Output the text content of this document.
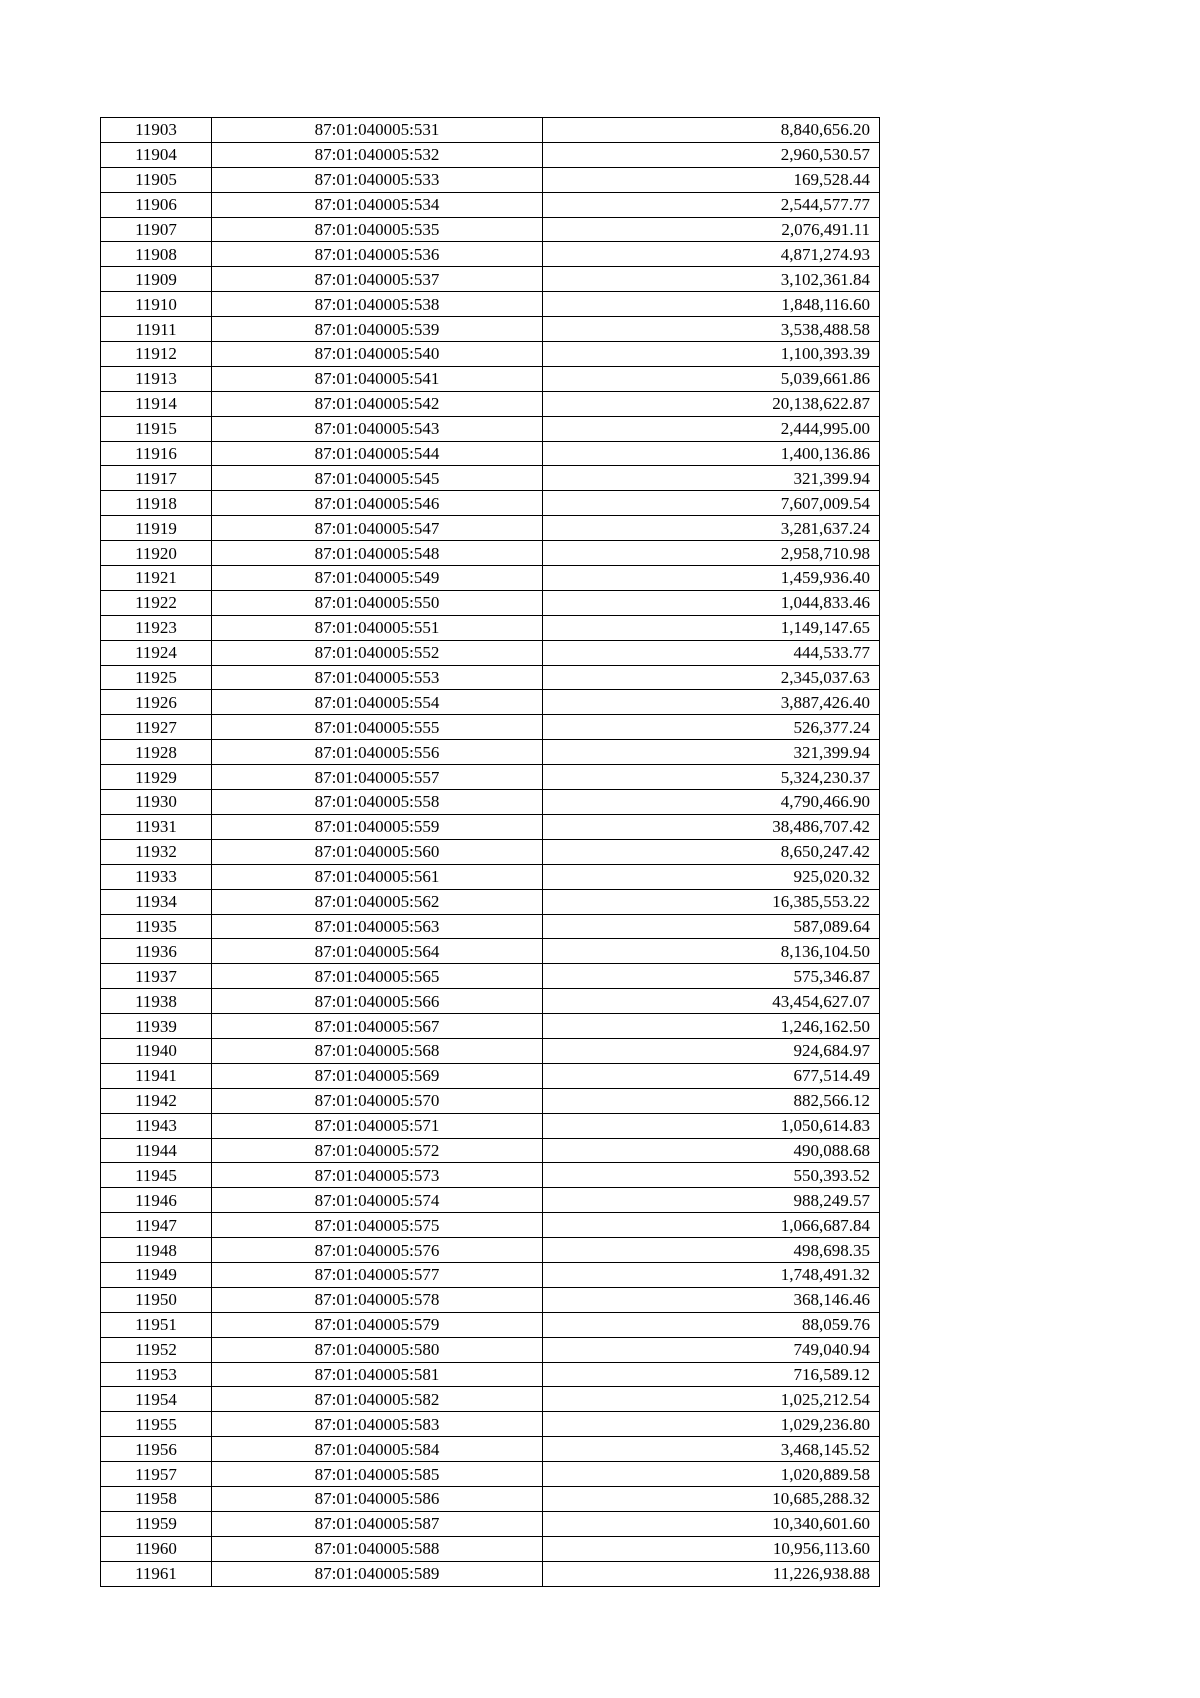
11903	87:01:040005:531	8,840,656.20
11904	87:01:040005:532	2,960,530.57
11905	87:01:040005:533	169,528.44
11906	87:01:040005:534	2,544,577.77
11907	87:01:040005:535	2,076,491.11
11908	87:01:040005:536	4,871,274.93
11909	87:01:040005:537	3,102,361.84
11910	87:01:040005:538	1,848,116.60
11911	87:01:040005:539	3,538,488.58
11912	87:01:040005:540	1,100,393.39
11913	87:01:040005:541	5,039,661.86
11914	87:01:040005:542	20,138,622.87
11915	87:01:040005:543	2,444,995.00
11916	87:01:040005:544	1,400,136.86
11917	87:01:040005:545	321,399.94
11918	87:01:040005:546	7,607,009.54
11919	87:01:040005:547	3,281,637.24
11920	87:01:040005:548	2,958,710.98
11921	87:01:040005:549	1,459,936.40
11922	87:01:040005:550	1,044,833.46
11923	87:01:040005:551	1,149,147.65
11924	87:01:040005:552	444,533.77
11925	87:01:040005:553	2,345,037.63
11926	87:01:040005:554	3,887,426.40
11927	87:01:040005:555	526,377.24
11928	87:01:040005:556	321,399.94
11929	87:01:040005:557	5,324,230.37
11930	87:01:040005:558	4,790,466.90
11931	87:01:040005:559	38,486,707.42
11932	87:01:040005:560	8,650,247.42
11933	87:01:040005:561	925,020.32
11934	87:01:040005:562	16,385,553.22
11935	87:01:040005:563	587,089.64
11936	87:01:040005:564	8,136,104.50
11937	87:01:040005:565	575,346.87
11938	87:01:040005:566	43,454,627.07
11939	87:01:040005:567	1,246,162.50
11940	87:01:040005:568	924,684.97
11941	87:01:040005:569	677,514.49
11942	87:01:040005:570	882,566.12
11943	87:01:040005:571	1,050,614.83
11944	87:01:040005:572	490,088.68
11945	87:01:040005:573	550,393.52
11946	87:01:040005:574	988,249.57
11947	87:01:040005:575	1,066,687.84
11948	87:01:040005:576	498,698.35
11949	87:01:040005:577	1,748,491.32
11950	87:01:040005:578	368,146.46
11951	87:01:040005:579	88,059.76
11952	87:01:040005:580	749,040.94
11953	87:01:040005:581	716,589.12
11954	87:01:040005:582	1,025,212.54
11955	87:01:040005:583	1,029,236.80
11956	87:01:040005:584	3,468,145.52
11957	87:01:040005:585	1,020,889.58
11958	87:01:040005:586	10,685,288.32
11959	87:01:040005:587	10,340,601.60
11960	87:01:040005:588	10,956,113.60
11961	87:01:040005:589	11,226,938.88
